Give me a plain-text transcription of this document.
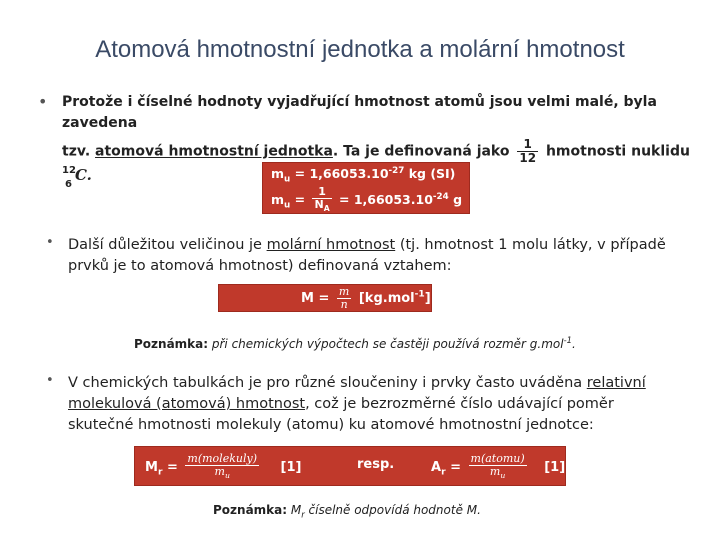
Atomová hmotnostní jednotka a molární hmotnost
• Protože i číselné hodnoty vyjadřující hmotnost atomů jsou velmi malé, byla zavedena
tzv. atomová hmotnostní jednotka. Ta je definovaná jako $\frac{1}{12}$ hmotnosti nuklidu
12
6
C.	$m_u = 1,66053.10^{-27}$ kg (SI)
$m_u = \frac{1}{N_A} = 1,66053.10^{-24}$ g
• Další důležitou veličinou je molární hmotnost (tj. hmotnost 1 molu látky, v případě
prvků je to atomová hmotnost) definovaná vztahem:
$M = \frac{m}{n} [kg.mol^{-1}]$
Poznámka: při chemických výpočtech se častěji používá rozměr g.mol$^{-1}$.
• V chemických tabulkách je pro různé sloučeniny i prvky často uváděna relativní
molekulová (atomová) hmotnost, což je bezrozměrné číslo udávající poměr
skutečné hmotnosti molekuly (atomu) ku atomové hmotnostní jednotce:
$M_r = \frac{\text{m(molekuly)}}{m_u} [1]$	resp.	$A_r = \frac{\text{m(atomu)}}{m_u} [1]$
Poznámka: $M_r$ číselně odpovídá hodnotě M.
